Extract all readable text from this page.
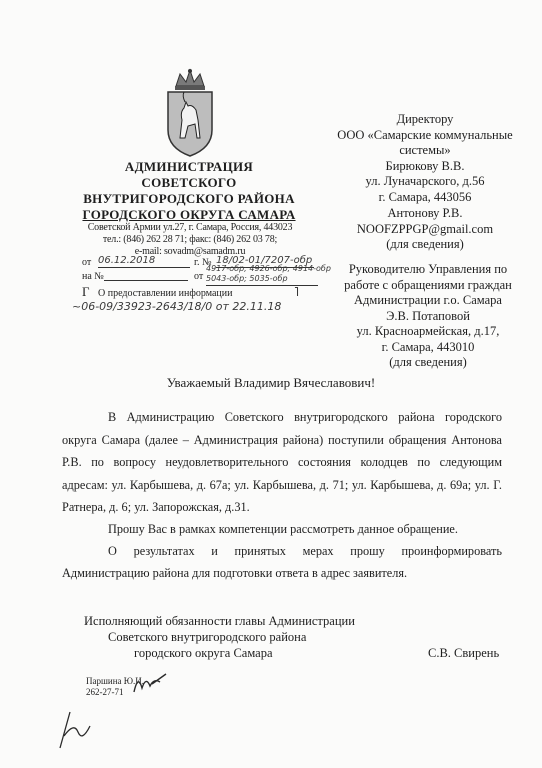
АДМИНИСТРАЦИЯ
СОВЕТСКОГО
ВНУТРИГОРОДСКОГО РАЙОНА
ГОРОДСКОГО ОКРУГА САМАРА
Советской Армии ул.27, г. Самара, Россия, 443023
тел.: (846) 262 28 71; факс: (846) 262 03 78;
e-mail: sovadm@samadm.ru
от 06.12.2018	г. № 18/02-01/7207-обр
на №	от
4917-обр; 4926-обр; 4914-обр
5043-обр; 5035-обр
Г О предоставлении информации	˥
~06-09/33923-2643/18/0 от 22.11.18
Директору
ООО «Самарские коммунальные
системы»
Бирюкову В.В.
ул. Луначарского, д.56
г. Самара, 443056
Антонову Р.В.
NOOFZPPGP@gmail.com
(для сведения)
Руководителю Управления по
работе с обращениями граждан
Администрации г.о. Самара
Э.В. Потаповой
ул. Красноармейская, д.17,
г. Самара, 443010
(для сведения)
Уважаемый Владимир Вячеславович!
В Администрацию Советского внутригородского района городского округа Самара (далее – Администрация района) поступили обращения Антонова Р.В. по вопросу неудовлетворительного состояния колодцев по следующим адресам: ул. Карбышева, д. 67а; ул. Карбышева, д. 71; ул. Карбышева, д. 69а; ул. Г. Ратнера, д. 6; ул. Запорожская, д.31.
Прошу Вас в рамках компетенции рассмотреть данное обращение.
О результатах и принятых мерах прошу проинформировать
Администрацию района для подготовки ответа в адрес заявителя.
Исполняющий обязанности главы Администрации
Советского внутригородского района
городского округа Самара	С.В. Свирень
Паршина Ю.И.
262-27-71
